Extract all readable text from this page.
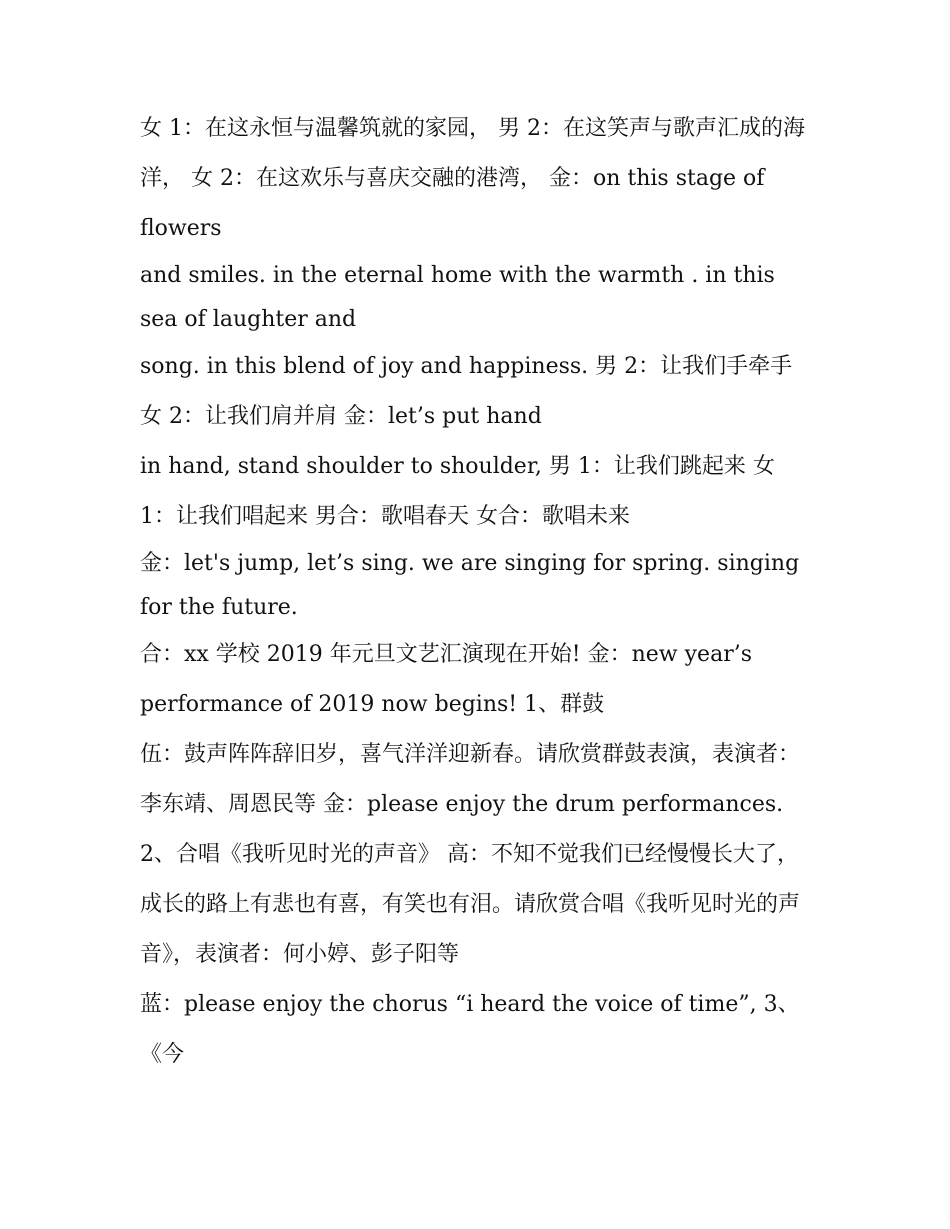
女 1：在这永恒与温馨筑就的家园， 男 2：在这笑声与歌声汇成的海洋， 女 2：在这欢乐与喜庆交融的港湾， 金：on this stage of flowers

and smiles. in the eternal home with the warmth . in this sea of laughter and

song. in this blend of joy and happiness. 男 2：让我们手牵手 女 2：让我们肩并肩 金：let’s put hand

in hand, stand shoulder to shoulder, 男 1：让我们跳起来 女 1：让我们唱起来 男合：歌唱春天 女合：歌唱未来

金：let's jump, let’s sing. we are singing for spring. singing for the future.

合：xx 学校 2019 年元旦文艺汇演现在开始! 金：new year’s performance of 2019 now begins! 1、群鼓

伍：鼓声阵阵辞旧岁，喜气洋洋迎新春。请欣赏群鼓表演，表演者：李东靖、周恩民等 金：please enjoy the drum performances.

2、合唱《我听见时光的声音》 高：不知不觉我们已经慢慢长大了，成长的路上有悲也有喜，有笑也有泪。请欣赏合唱《我听见时光的声音》，表演者：何小婷、彭子阳等

蓝：please enjoy the chorus “i heard the voice of time”, 3、《今
